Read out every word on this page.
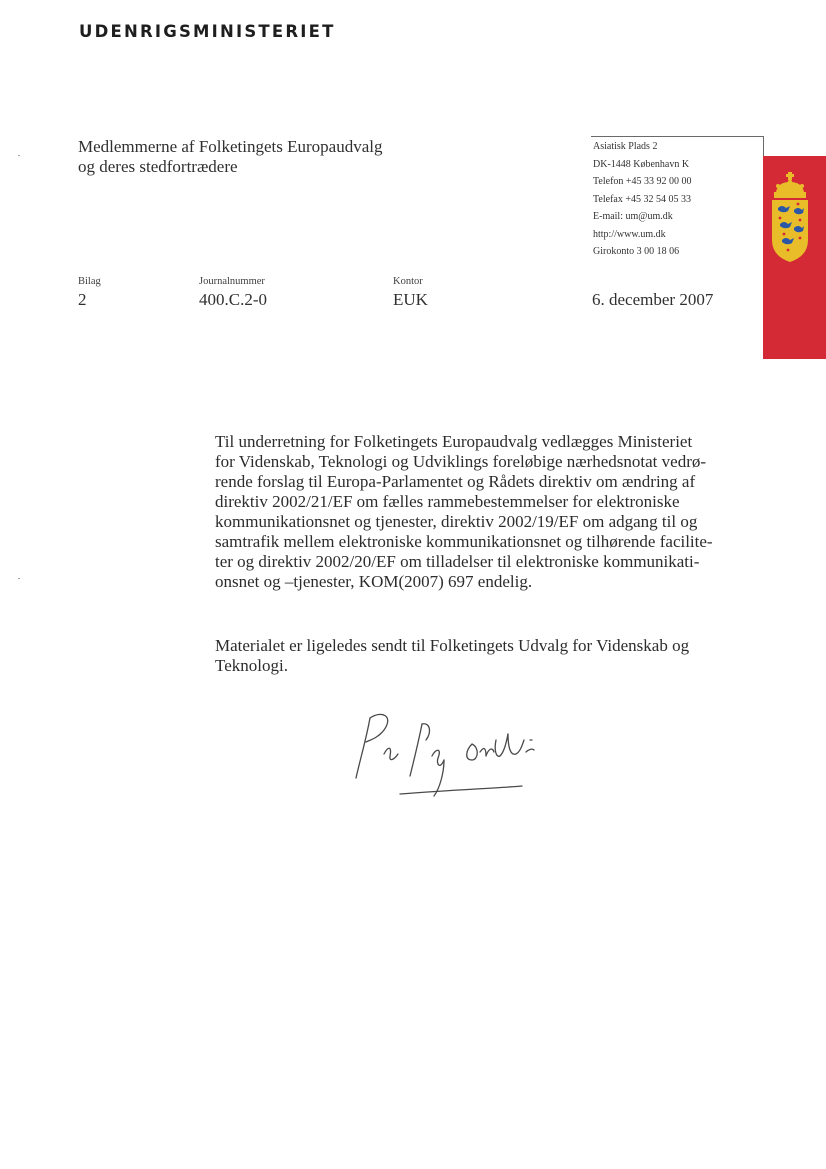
UDENRIGSMINISTERIET
Medlemmerne af Folketingets Europaudvalg
og deres stedfortrædere
Asiatisk Plads 2
DK-1448 København K
Telefon +45 33 92 00 00
Telefax +45 32 54 05 33
E-mail: um@um.dk
http://www.um.dk
Girokonto 3 00 18 06
Bilag
2
Journalnummer
400.C.2-0
Kontor
EUK	6. december 2007
Til underretning for Folketingets Europaudvalg vedlægges Ministeriet
for Videnskab, Teknologi og Udviklings foreløbige nærhedsnotat vedrø-
rende forslag til Europa-Parlamentet og Rådets direktiv om ændring af
direktiv 2002/21/EF om fælles rammebestemmelser for elektroniske
kommunikationsnet og tjenester, direktiv 2002/19/EF om adgang til og
samtrafik mellem elektroniske kommunikationsnet og tilhørende facilite-
ter og direktiv 2002/20/EF om tilladelser til elektroniske kommunikati-
onsnet og –tjenester, KOM(2007) 697 endelig.
Materialet er ligeledes sendt til Folketingets Udvalg for Videnskab og
Teknologi.
